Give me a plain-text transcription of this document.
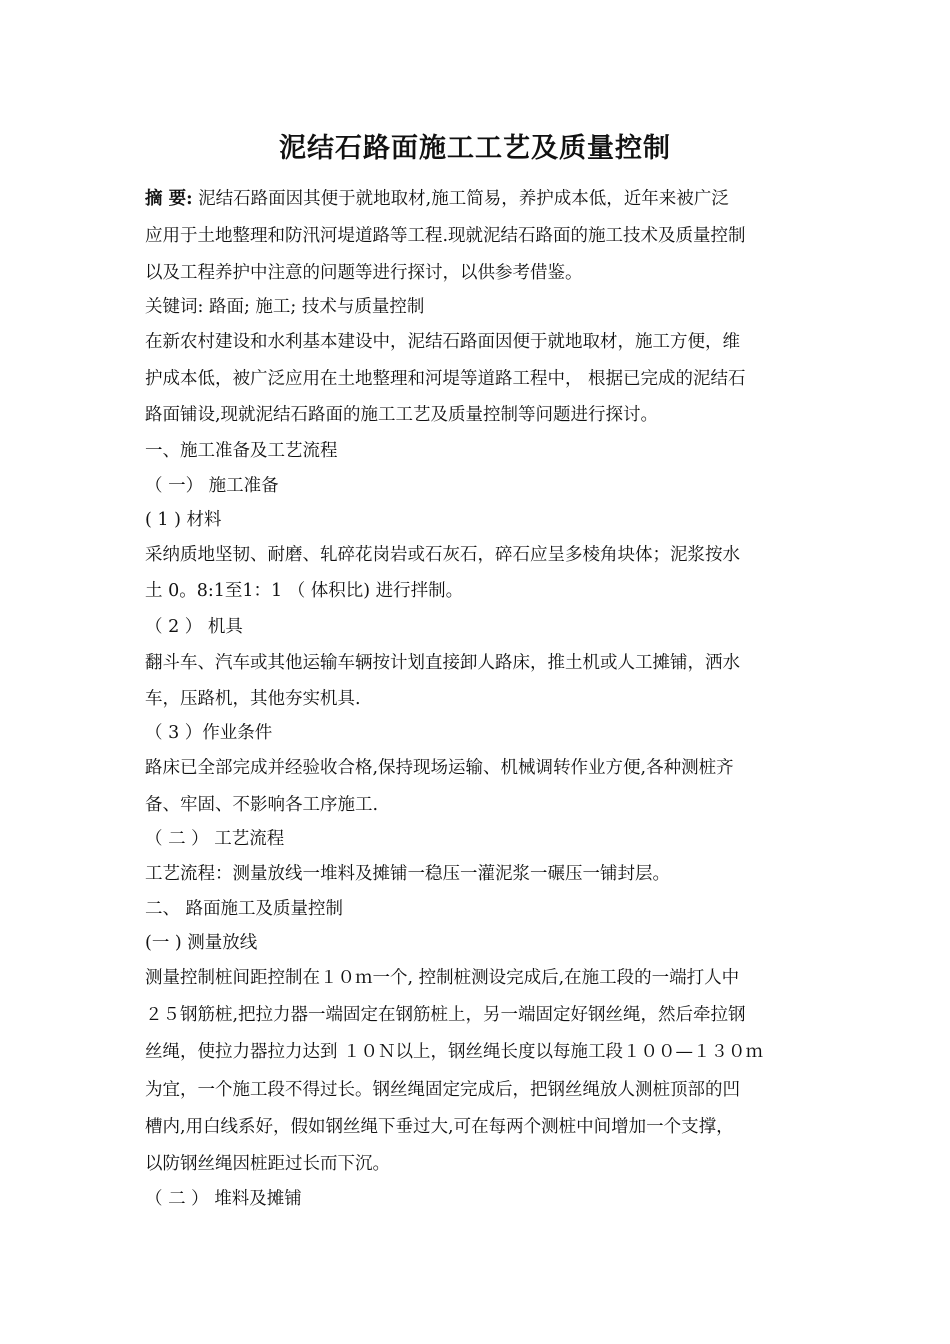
泥结石路面施工工艺及质量控制
摘 要: 泥结石路面因其便于就地取材,施工简易，养护成本低，近年来被广泛
应用于土地整理和防汛河堤道路等工程.现就泥结石路面的施工技术及质量控制
以及工程养护中注意的问题等进行探讨，以供参考借鉴。
关键词: 路面; 施工; 技术与质量控制
在新农村建设和水利基本建设中，泥结石路面因便于就地取材，施工方便，维
护成本低，被广泛应用在土地整理和河堤等道路工程中， 根据已完成的泥结石
路面铺设,现就泥结石路面的施工工艺及质量控制等问题进行探讨。
一、施工准备及工艺流程
（ 一） 施工准备
( 1 ) 材料
采纳质地坚韧、耐磨、轧碎花岗岩或石灰石，碎石应呈多棱角块体；泥浆按水
土 0。8:1至1：1 （ 体积比) 进行拌制。
（ 2 ） 机具
翻斗车、汽车或其他运输车辆按计划直接卸人路床，推土机或人工摊铺，洒水
车，压路机，其他夯实机具.
（ 3 ）作业条件
路床已全部完成并经验收合格,保持现场运输、机械调转作业方便,各种测桩齐
备、牢固、不影响各工序施工.
（ 二 ） 工艺流程
工艺流程：测量放线一堆料及摊铺一稳压一灌泥浆一碾压一铺封层。
二、 路面施工及质量控制
(一 ) 测量放线
测量控制桩间距控制在１０ｍ一个, 控制桩测设完成后,在施工段的一端打人中
２５钢筋桩,把拉力器一端固定在钢筋桩上，另一端固定好钢丝绳，然后牵拉钢
丝绳，使拉力器拉力达到 １０Ｎ以上，钢丝绳长度以每施工段１００—１３０ｍ
为宜，一个施工段不得过长。钢丝绳固定完成后，把钢丝绳放人测桩顶部的凹
槽内,用白线系好，假如钢丝绳下垂过大,可在每两个测桩中间增加一个支撑，
以防钢丝绳因桩距过长而下沉。
（ 二 ） 堆料及摊铺
